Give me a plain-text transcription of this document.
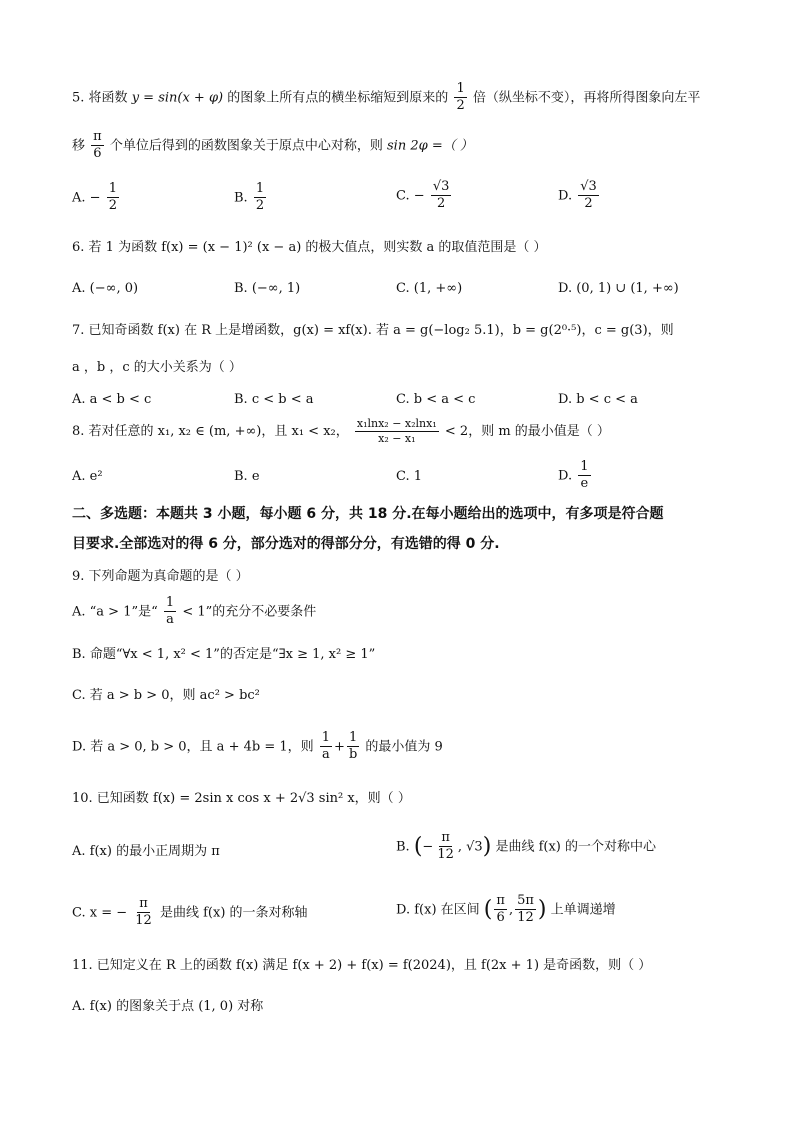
5. 将函数 y = sin(x + φ) 的图象上所有点的横坐标缩短到原来的 $\frac{1}{2}$ 倍（纵坐标不变），再将所得图象向左平
移 $\frac{\pi}{6}$ 个单位后得到的函数图象关于原点中心对称，则 sin 2φ =（ ）
A. − $\frac{1}{2}$	B. $\frac{1}{2}$	C. − $\frac{√3}{2}$	D. $\frac{√3}{2}$
6. 若 1 为函数 f(x) = (x − 1)² (x − a) 的极大值点，则实数 a 的取值范围是（ ）
A. (−∞, 0)	B. (−∞, 1)	C. (1, +∞)	D. (0, 1) ∪ (1, +∞)
7. 已知奇函数 f(x) 在 R 上是增函数，g(x) = xf(x). 若 a = g(−log₂ 5.1)，b = g(2⁰·⁵)，c = g(3)，则
a ，b ，c 的大小关系为（ ）
A. a < b < c	B. c < b < a	C. b < a < c	D. b < c < a
8. 若对任意的 x₁, x₂ ∈ (m, +∞)，且 x₁ < x₂， $\frac{\text{x₁lnx₂ − x₂lnx₁}}{\text{x₂ − x₁}} < 2$，则 m 的最小值是（ ）
A. e²	B. e	C. 1	D. $\frac{1}{e}$
二、多选题：本题共 3 小题，每小题 6 分，共 18 分.在每小题给出的选项中，有多项是符合题
目要求.全部选对的得 6 分，部分选对的得部分分，有选错的得 0 分.
9. 下列命题为真命题的是（ ）
A. “a > 1”是“ $\frac{1}{a} < 1$”的充分不必要条件
B. 命题“∀x < 1, x² < 1”的否定是“∃x ≥ 1, x² ≥ 1”
C. 若 a > b > 0，则 ac² > bc²
D. 若 a > 0, b > 0，且 a + 4b = 1，则 $\frac{1}{a} + \frac{1}{b}$ 的最小值为 9
10. 已知函数 f(x) = 2sin x cos x + 2√3 sin² x，则（ ）
A. f(x) 的最小正周期为 π	B. (− $\frac{\pi}{12}$ , √3) 是曲线 f(x) 的一个对称中心
C. x = − $\frac{\pi}{12}$ 是曲线 f(x) 的一条对称轴	D. f(x) 在区间 ( $\frac{\pi}{6}$ , $\frac{5\pi}{12}$ ) 上单调递增
11. 已知定义在 R 上的函数 f(x) 满足 f(x + 2) + f(x) = f(2024)，且 f(2x + 1) 是奇函数，则（ ）
A. f(x) 的图象关于点 (1, 0) 对称
